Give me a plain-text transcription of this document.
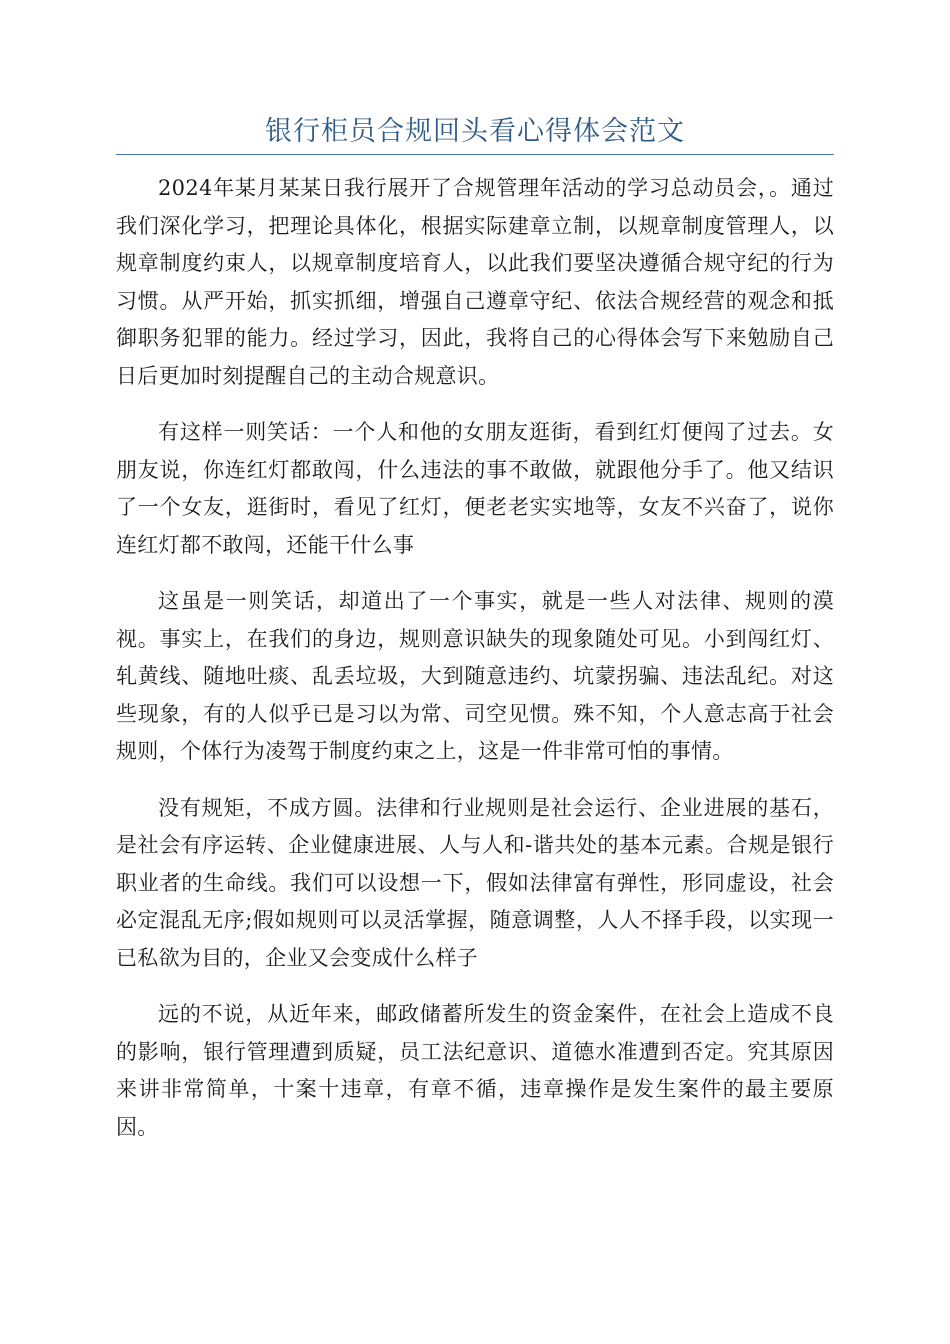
银行柜员合规回头看心得体会范文

2024年某月某某日我行展开了合规管理年活动的学习总动员会，。通过我们深化学习，把理论具体化，根据实际建章立制，以规章制度管理人，以规章制度约束人，以规章制度培育人，以此我们要坚决遵循合规守纪的行为习惯。从严开始，抓实抓细，增强自己遵章守纪、依法合规经营的观念和抵御职务犯罪的能力。经过学习，因此，我将自己的心得体会写下来勉励自己日后更加时刻提醒自己的主动合规意识。

有这样一则笑话：一个人和他的女朋友逛街，看到红灯便闯了过去。女朋友说，你连红灯都敢闯，什么违法的事不敢做，就跟他分手了。他又结识了一个女友，逛街时，看见了红灯，便老老实实地等，女友不兴奋了，说你连红灯都不敢闯，还能干什么事

这虽是一则笑话，却道出了一个事实，就是一些人对法律、规则的漠视。事实上，在我们的身边，规则意识缺失的现象随处可见。小到闯红灯、轧黄线、随地吐痰、乱丢垃圾，大到随意违约、坑蒙拐骗、违法乱纪。对这些现象，有的人似乎已是习以为常、司空见惯。殊不知，个人意志高于社会规则，个体行为凌驾于制度约束之上，这是一件非常可怕的事情。

没有规矩，不成方圆。法律和行业规则是社会运行、企业进展的基石，是社会有序运转、企业健康进展、人与人和-谐共处的基本元素。合规是银行职业者的生命线。我们可以设想一下，假如法律富有弹性，形同虚设，社会必定混乱无序;假如规则可以灵活掌握，随意调整，人人不择手段，以实现一已私欲为目的，企业又会变成什么样子

远的不说，从近年来，邮政储蓄所发生的资金案件，在社会上造成不良的影响，银行管理遭到质疑，员工法纪意识、道德水准遭到否定。究其原因来讲非常简单，十案十违章，有章不循，违章操作是发生案件的最主要原因。
